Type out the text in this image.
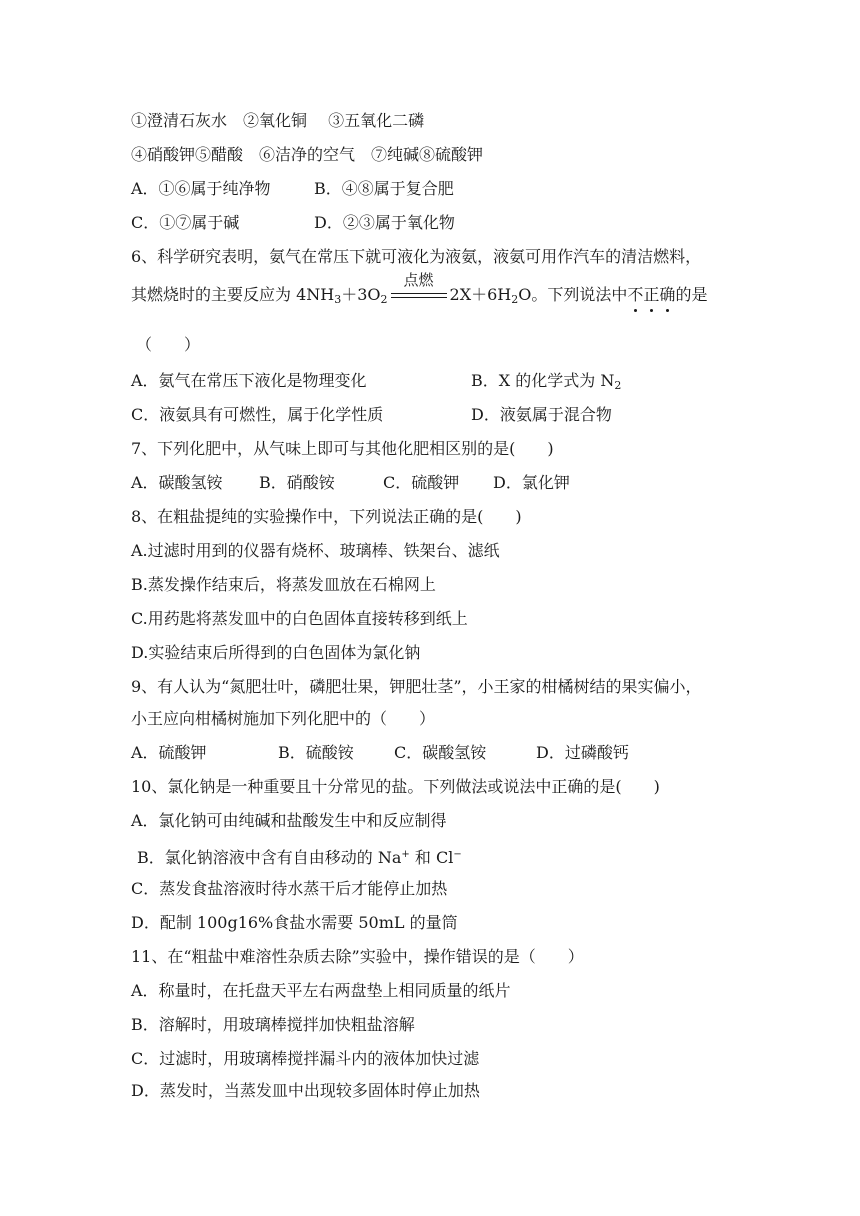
①澄清石灰水　②氧化铜　 ③五氧化二磷
④硝酸钾⑤醋酸　⑥洁净的空气　⑦纯碱⑧硫酸钾
A．①⑥属于纯净物	B．④⑧属于复合肥
C．①⑦属于碱	D．②③属于氧化物
6、科学研究表明，氨气在常压下就可液化为液氨，液氨可用作汽车的清洁燃料，
其燃烧时的主要反应为 $4NH_3+3O_2$
点燃
$2X+6H_2O$。下列说法中不正确的是
（　　）
A．氨气在常压下液化是物理变化	B．X 的化学式为 $N_2$
C．液氨具有可燃性，属于化学性质	D．液氨属于混合物
7、下列化肥中，从气味上即可与其他化肥相区别的是(　　)
A．碳酸氢铵 B．硝酸铵	C．硫酸钾 D．氯化钾
8、在粗盐提纯的实验操作中，下列说法正确的是(　　)
A.过滤时用到的仪器有烧杯、玻璃棒、铁架台、滤纸
B.蒸发操作结束后，将蒸发皿放在石棉网上
C.用药匙将蒸发皿中的白色固体直接转移到纸上
D.实验结束后所得到的白色固体为氯化钠
9、有人认为“氮肥壮叶，磷肥壮果，钾肥壮茎”，小王家的柑橘树结的果实偏小，
小王应向柑橘树施加下列化肥中的（　　）
A．硫酸钾	B．硫酸铵	C．碳酸氢铵	D．过磷酸钙
10、氯化钠是一种重要且十分常见的盐。下列做法或说法中正确的是(　　)
A．氯化钠可由纯碱和盐酸发生中和反应制得
B．氯化钠溶液中含有自由移动的 Na+ 和 Cl−
C．蒸发食盐溶液时待水蒸干后才能停止加热
D．配制 100g16%食盐水需要 50mL 的量筒
11、在“粗盐中难溶性杂质去除”实验中，操作错误的是（　　）
A．称量时，在托盘天平左右两盘垫上相同质量的纸片
B．溶解时，用玻璃棒搅拌加快粗盐溶解
C．过滤时，用玻璃棒搅拌漏斗内的液体加快过滤
D．蒸发时，当蒸发皿中出现较多固体时停止加热
